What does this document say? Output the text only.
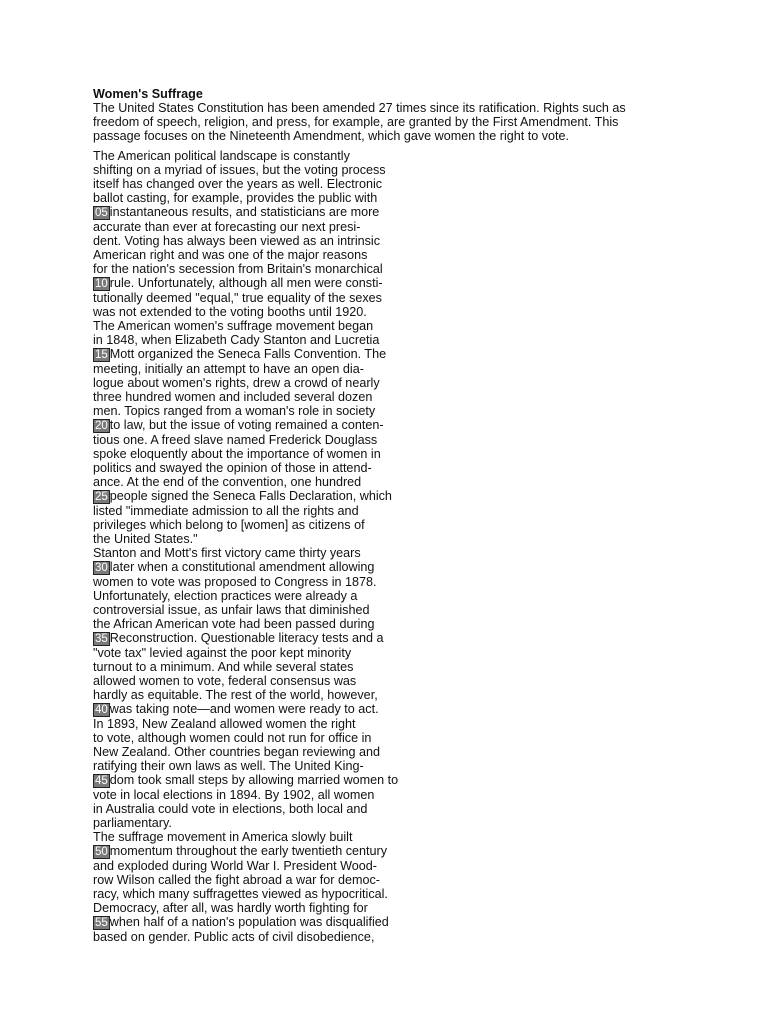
Women's Suffrage
The United States Constitution has been amended 27 times since its ratification. Rights such as
freedom of speech, religion, and press, for example, are granted by the First Amendment. This
passage focuses on the Nineteenth Amendment, which gave women the right to vote.
The American political landscape is constantly
shifting on a myriad of issues, but the voting process
itself has changed over the years as well. Electronic
ballot casting, for example, provides the public with
05 instantaneous results, and statisticians are more
accurate than ever at forecasting our next presi-
dent. Voting has always been viewed as an intrinsic
American right and was one of the major reasons
for the nation's secession from Britain's monarchical
10 rule. Unfortunately, although all men were consti-
tutionally deemed "equal," true equality of the sexes
was not extended to the voting booths until 1920.
The American women's suffrage movement began
in 1848, when Elizabeth Cady Stanton and Lucretia
15 Mott organized the Seneca Falls Convention. The
meeting, initially an attempt to have an open dia-
logue about women's rights, drew a crowd of nearly
three hundred women and included several dozen
men. Topics ranged from a woman's role in society
20 to law, but the issue of voting remained a conten-
tious one. A freed slave named Frederick Douglass
spoke eloquently about the importance of women in
politics and swayed the opinion of those in attend-
ance. At the end of the convention, one hundred
25 people signed the Seneca Falls Declaration, which
listed "immediate admission to all the rights and
privileges which belong to [women] as citizens of
the United States."
Stanton and Mott's first victory came thirty years
30 later when a constitutional amendment allowing
women to vote was proposed to Congress in 1878.
Unfortunately, election practices were already a
controversial issue, as unfair laws that diminished
the African American vote had been passed during
35 Reconstruction. Questionable literacy tests and a
"vote tax" levied against the poor kept minority
turnout to a minimum. And while several states
allowed women to vote, federal consensus was
hardly as equitable. The rest of the world, however,
40 was taking note—and women were ready to act.
In 1893, New Zealand allowed women the right
to vote, although women could not run for office in
New Zealand. Other countries began reviewing and
ratifying their own laws as well. The United King-
45 dom took small steps by allowing married women to
vote in local elections in 1894. By 1902, all women
in Australia could vote in elections, both local and
parliamentary.
The suffrage movement in America slowly built
50 momentum throughout the early twentieth century
and exploded during World War I. President Wood-
row Wilson called the fight abroad a war for democ-
racy, which many suffragettes viewed as hypocritical.
Democracy, after all, was hardly worth fighting for
55 when half of a nation's population was disqualified
based on gender. Public acts of civil disobedience,
